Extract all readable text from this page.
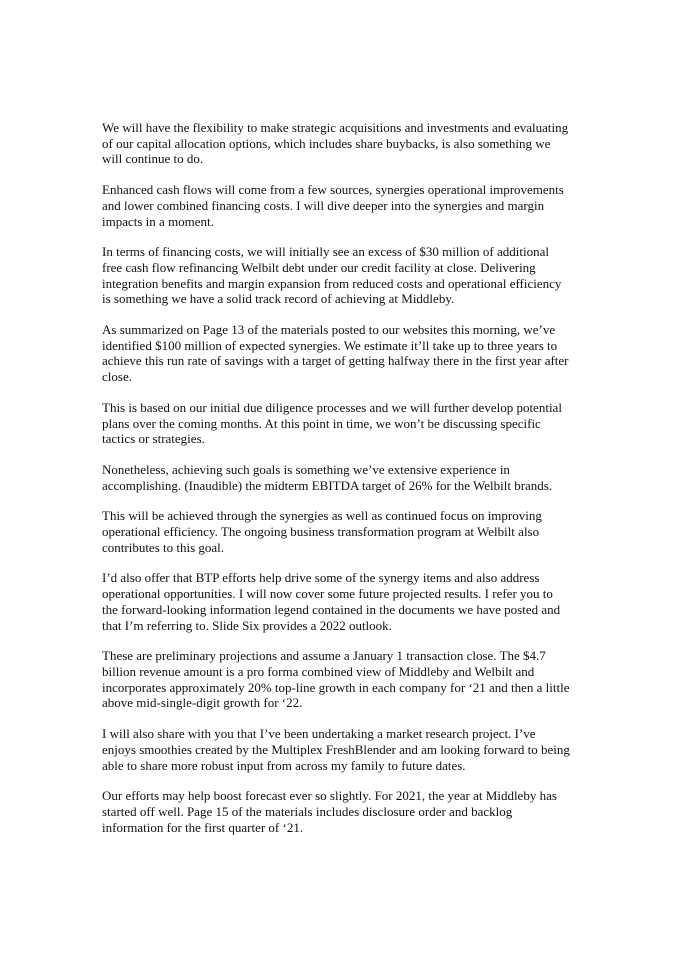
We will have the flexibility to make strategic acquisitions and investments and evaluating
of our capital allocation options, which includes share buybacks, is also something we
will continue to do.

Enhanced cash flows will come from a few sources, synergies operational improvements
and lower combined financing costs. I will dive deeper into the synergies and margin
impacts in a moment.

In terms of financing costs, we will initially see an excess of $30 million of additional
free cash flow refinancing Welbilt debt under our credit facility at close. Delivering
integration benefits and margin expansion from reduced costs and operational efficiency
is something we have a solid track record of achieving at Middleby.

As summarized on Page 13 of the materials posted to our websites this morning, we’ve
identified $100 million of expected synergies. We estimate it’ll take up to three years to
achieve this run rate of savings with a target of getting halfway there in the first year after
close.

This is based on our initial due diligence processes and we will further develop potential
plans over the coming months. At this point in time, we won’t be discussing specific
tactics or strategies.

Nonetheless, achieving such goals is something we’ve extensive experience in
accomplishing. (Inaudible) the midterm EBITDA target of 26% for the Welbilt brands.

This will be achieved through the synergies as well as continued focus on improving
operational efficiency. The ongoing business transformation program at Welbilt also
contributes to this goal.

I’d also offer that BTP efforts help drive some of the synergy items and also address
operational opportunities. I will now cover some future projected results. I refer you to
the forward-looking information legend contained in the documents we have posted and
that I’m referring to. Slide Six provides a 2022 outlook.

These are preliminary projections and assume a January 1 transaction close. The $4.7
billion revenue amount is a pro forma combined view of Middleby and Welbilt and
incorporates approximately 20% top-line growth in each company for ‘21 and then a little
above mid-single-digit growth for ‘22.

I will also share with you that I’ve been undertaking a market research project. I’ve
enjoys smoothies created by the Multiplex FreshBlender and am looking forward to being
able to share more robust input from across my family to future dates.

Our efforts may help boost forecast ever so slightly. For 2021, the year at Middleby has
started off well. Page 15 of the materials includes disclosure order and backlog
information for the first quarter of ‘21.
